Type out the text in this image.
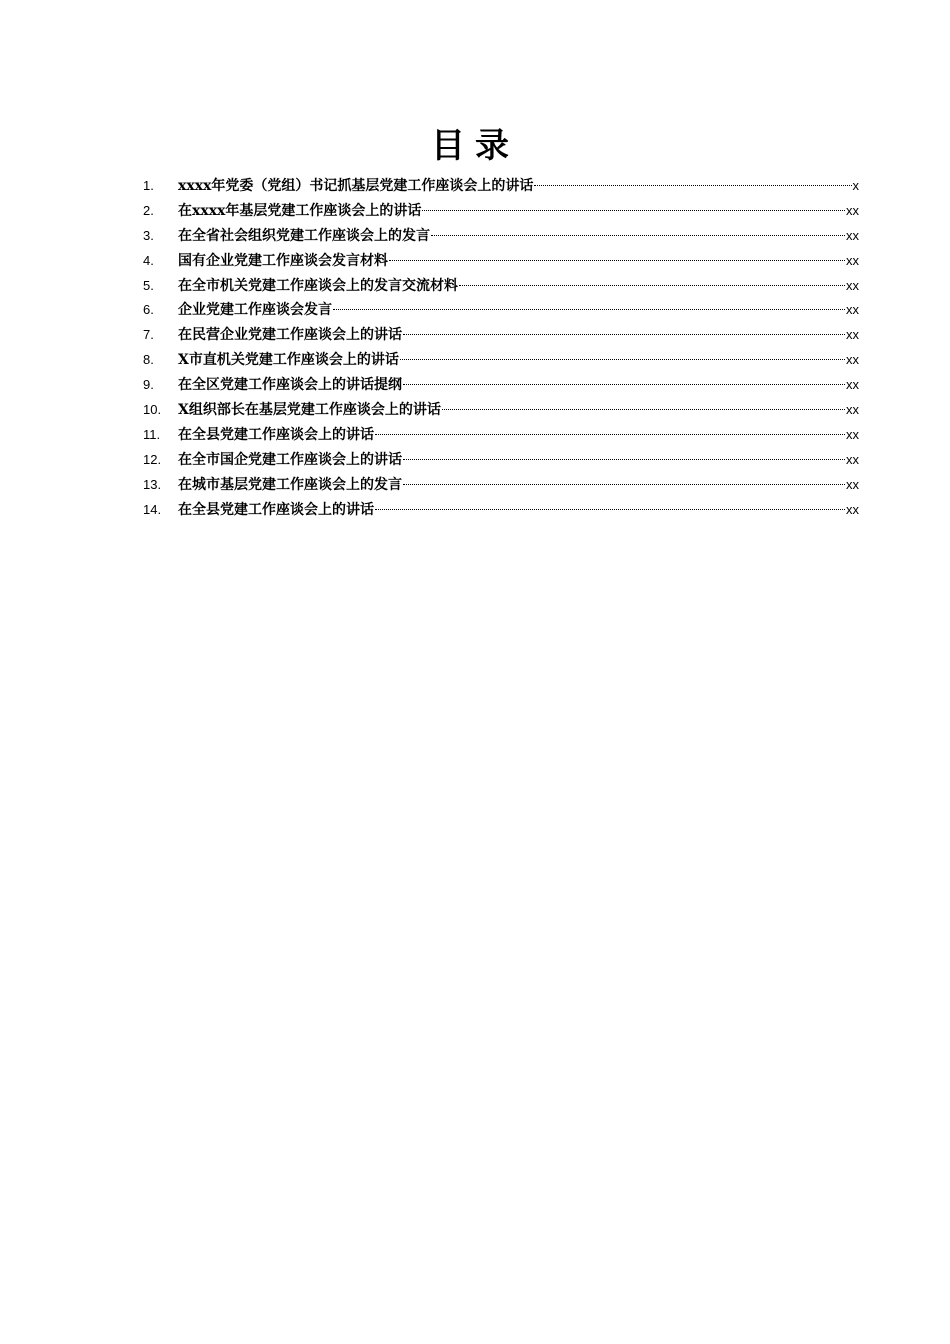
目录
1.	xxxx年党委（党组）书记抓基层党建工作座谈会上的讲话	x
2.	在xxxx年基层党建工作座谈会上的讲话	xx
3.	在全省社会组织党建工作座谈会上的发言	xx
4.	国有企业党建工作座谈会发言材料	xx
5.	在全市机关党建工作座谈会上的发言交流材料	xx
6.	企业党建工作座谈会发言	xx
7.	在民营企业党建工作座谈会上的讲话	xx
8.	X市直机关党建工作座谈会上的讲话	xx
9.	在全区党建工作座谈会上的讲话提纲	xx
10.	X组织部长在基层党建工作座谈会上的讲话	xx
11.	在全县党建工作座谈会上的讲话	xx
12.	在全市国企党建工作座谈会上的讲话	xx
13.	在城市基层党建工作座谈会上的发言	xx
14.	在全县党建工作座谈会上的讲话	xx
